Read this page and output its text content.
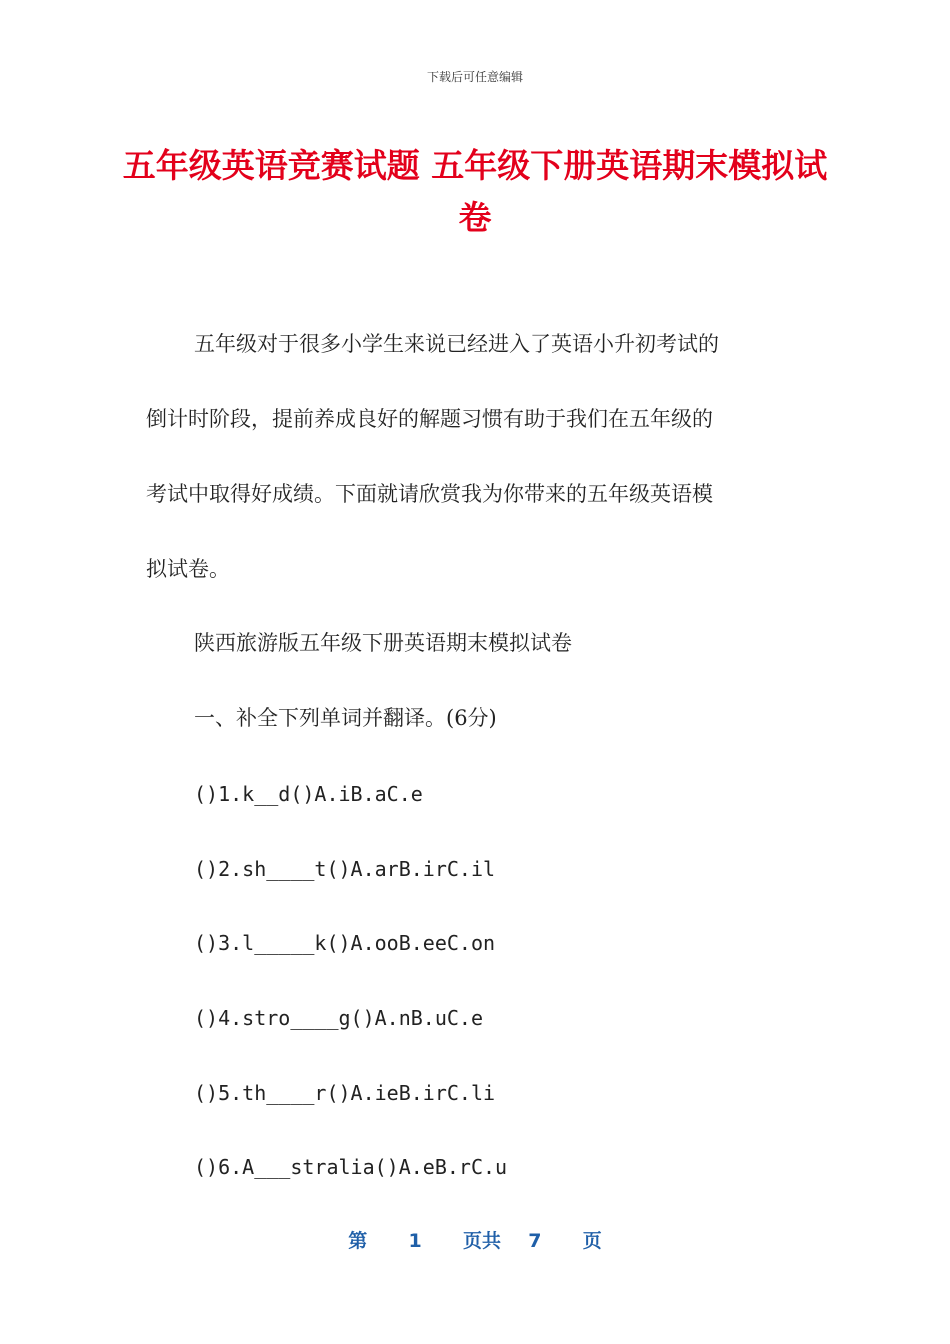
下载后可任意编辑
五年级英语竞赛试题 五年级下册英语期末模拟试卷
五年级对于很多小学生来说已经进入了英语小升初考试的
倒计时阶段，提前养成良好的解题习惯有助于我们在五年级的
考试中取得好成绩。下面就请欣赏我为你带来的五年级英语模
拟试卷。
陕西旅游版五年级下册英语期末模拟试卷
一、补全下列单词并翻译。(6分)
()1.k__d()A.iB.aC.e
()2.sh____t()A.arB.irC.il
()3.l_____k()A.ooB.eeC.on
()4.stro____g()A.nB.uC.e
()5.th____r()A.ieB.irC.li
()6.A___stralia()A.eB.rC.u
第 1 页共 7 页
